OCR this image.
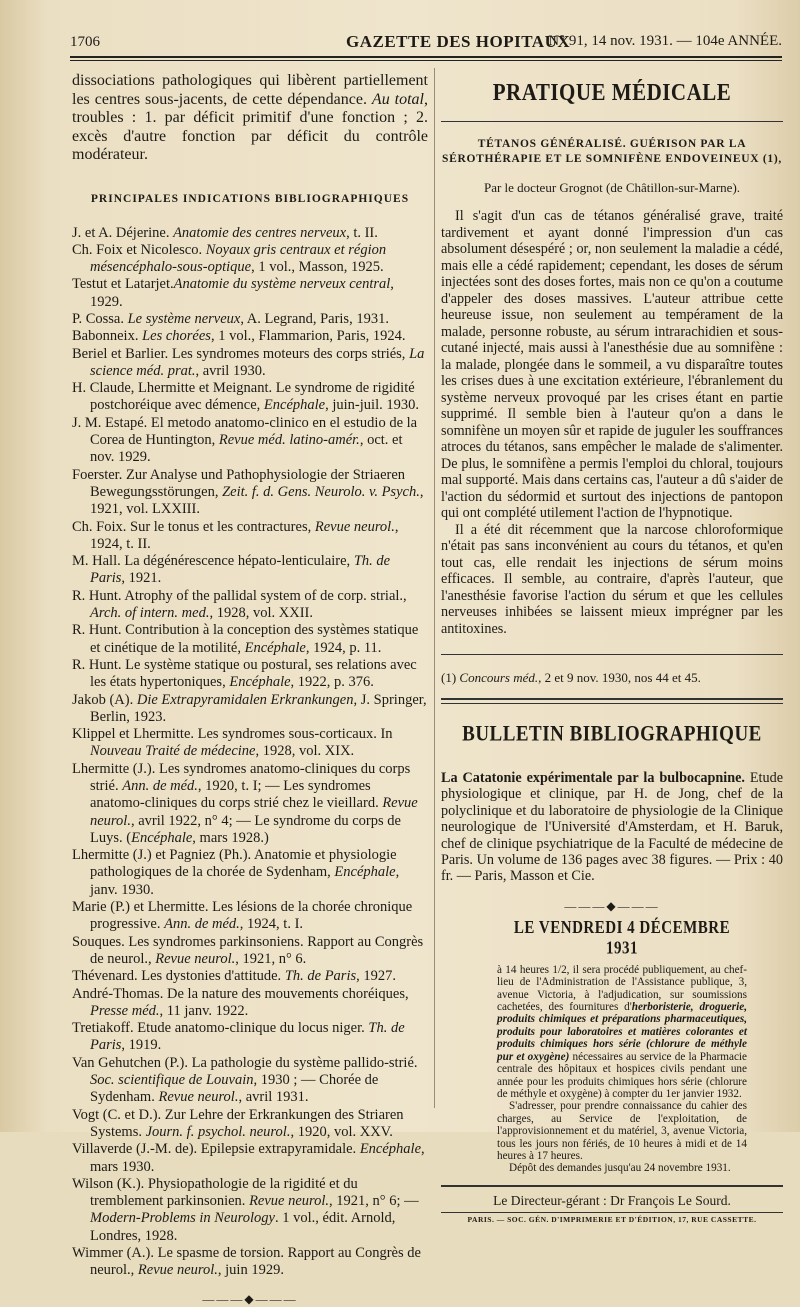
1706	GAZETTE DES HOPITAUX
N° 91, 14 nov. 1931. — 104e ANNÉE.

dissociations pathologiques qui libèrent partiellement les centres sous-jacents, de cette dépendance. Au total, troubles : 1. par déficit primitif d'une fonction ; 2. excès d'autre fonction par déficit du contrôle modérateur.

PRINCIPALES INDICATIONS BIBLIOGRAPHIQUES

J. et A. Déjerine. Anatomie des centres nerveux, t. II.
Ch. Foix et Nicolesco. Noyaux gris centraux et région mésencéphalo-sous-optique, 1 vol., Masson, 1925.
Testut et Latarjet.Anatomie du système nerveux central, 1929.
P. Cossa. Le système nerveux, A. Legrand, Paris, 1931.
Babonneix. Les chorées, 1 vol., Flammarion, Paris, 1924.
Beriel et Barlier. Les syndromes moteurs des corps striés, La science méd. prat., avril 1930.
H. Claude, Lhermitte et Meignant. Le syndrome de rigidité postchoréique avec démence, Encéphale, juin-juil. 1930.
J. M. Estapé. El metodo anatomo-clinico en el estudio de la Corea de Huntington, Revue méd. latino-amér., oct. et nov. 1929.
Foerster. Zur Analyse und Pathophysiologie der Striaeren Bewegungsstörungen, Zeit. f. d. Gens. Neurolo. v. Psych., 1921, vol. LXXIII.
Ch. Foix. Sur le tonus et les contractures, Revue neurol., 1924, t. II.
M. Hall. La dégénérescence hépato-lenticulaire, Th. de Paris, 1921.
R. Hunt. Atrophy of the pallidal system of de corp. strial., Arch. of intern. med., 1928, vol. XXII.
R. Hunt. Contribution à la conception des systèmes statique et cinétique de la motilité, Encéphale, 1924, p. 11.
R. Hunt. Le système statique ou postural, ses relations avec les états hypertoniques, Encéphale, 1922, p. 376.
Jakob (A). Die Extrapyramidalen Erkrankungen, J. Springer, Berlin, 1923.
Klippel et Lhermitte. Les syndromes sous-corticaux. In Nouveau Traité de médecine, 1928, vol. XIX.
Lhermitte (J.). Les syndromes anatomo-cliniques du corps strié. Ann. de méd., 1920, t. I; — Les syndromes anatomo-cliniques du corps strié chez le vieillard. Revue neurol., avril 1922, n° 4; — Le syndrome du corps de Luys. (Encéphale, mars 1928.)
Lhermitte (J.) et Pagniez (Ph.). Anatomie et physiologie pathologiques de la chorée de Sydenham, Encéphale, janv. 1930.
Marie (P.) et Lhermitte. Les lésions de la chorée chronique progressive. Ann. de méd., 1924, t. I.
Souques. Les syndromes parkinsoniens. Rapport au Congrès de neurol., Revue neurol., 1921, n° 6.
Thévenard. Les dystonies d'attitude. Th. de Paris, 1927.
André-Thomas. De la nature des mouvements choréiques, Presse méd., 11 janv. 1922.
Tretiakoff. Etude anatomo-clinique du locus niger. Th. de Paris, 1919.
Van Gehutchen (P.). La pathologie du système pallido-strié. Soc. scientifique de Louvain, 1930 ; — Chorée de Sydenham. Revue neurol., avril 1931.
Vogt (C. et D.). Zur Lehre der Erkrankungen des Striaren Systems. Journ. f. psychol. neurol., 1920, vol. XXV.
Villaverde (J.-M. de). Epilepsie extrapyramidale. Encéphale, mars 1930.
Wilson (K.). Physiopathologie de la rigidité et du tremblement parkinsonien. Revue neurol., 1921, n° 6; — Modern-Problems in Neurology. 1 vol., édit. Arnold, Londres, 1928.
Wimmer (A.). Le spasme de torsion. Rapport au Congrès de neurol., Revue neurol., juin 1929.

———◆———

PRATIQUE MÉDICALE

TÉTANOS GÉNÉRALISÉ. GUÉRISON PAR LA SÉROTHÉRAPIE ET LE SOMNIFÈNE ENDOVEINEUX (1),

Par le docteur Grognot (de Châtillon-sur-Marne).

Il s'agit d'un cas de tétanos généralisé grave, traité tardivement et ayant donné l'impression d'un cas absolument désespéré ; or, non seulement la maladie a cédé, mais elle a cédé rapidement; cependant, les doses de sérum injectées sont des doses fortes, mais non ce qu'on a coutume d'appeler des doses massives. L'auteur attribue cette heureuse issue, non seulement au tempérament de la malade, personne robuste, au sérum intrarachidien et sous-cutané injecté, mais aussi à l'anesthésie due au somnifène : la malade, plongée dans le sommeil, a vu disparaître toutes les crises dues à une excitation extérieure, l'ébranlement du système nerveux provoqué par les crises étant en partie supprimé. Il semble bien à l'auteur qu'on a dans le somnifène un moyen sûr et rapide de juguler les souffrances atroces du tétanos, sans empêcher le malade de s'alimenter. De plus, le somnifène a permis l'emploi du chloral, toujours mal supporté. Mais dans certains cas, l'auteur a dû s'aider de l'action du sédormid et surtout des injections de pantopon qui ont complété utilement l'action de l'hypnotique.

Il a été dit récemment que la narcose chloroformique n'était pas sans inconvénient au cours du tétanos, et qu'en tout cas, elle rendait les injections de sérum moins efficaces. Il semble, au contraire, d'après l'auteur, que l'anesthésie favorise l'action du sérum et que les cellules nerveuses inhibées se laissent mieux imprégner par les antitoxines.

(1) Concours méd., 2 et 9 nov. 1930, nos 44 et 45.

BULLETIN BIBLIOGRAPHIQUE

La Catatonie expérimentale par la bulbocapnine. Etude physiologique et clinique, par H. de Jong, chef de la polyclinique et du laboratoire de physiologie de la Clinique neurologique de l'Université d'Amsterdam, et H. Baruk, chef de clinique psychiatrique de la Faculté de médecine de Paris. Un volume de 136 pages avec 38 figures. — Prix : 40 fr. — Paris, Masson et Cie.

———◆———

LE VENDREDI 4 DÉCEMBRE 1931

à 14 heures 1/2, il sera procédé publiquement, au chef-lieu de l'Administration de l'Assistance publique, 3, avenue Victoria, à l'adjudication, sur soumissions cachetées, des fournitures d'herboristerie, droguerie, produits chimiques et préparations pharmaceutiques, produits pour laboratoires et matières colorantes et produits chimiques hors série (chlorure de méthyle pur et oxygène) nécessaires au service de la Pharmacie centrale des hôpitaux et hospices civils pendant une année pour les produits chimiques hors série (chlorure de méthyle et oxygène) à compter du 1er janvier 1932.

S'adresser, pour prendre connaissance du cahier des charges, au Service de l'exploitation, de l'approvisionnement et du matériel, 3, avenue Victoria, tous les jours non fériés, de 10 heures à midi et de 14 heures à 17 heures.

Dépôt des demandes jusqu'au 24 novembre 1931.

Le Directeur-gérant : Dr François Le Sourd.

PARIS. — SOC. GÉN. D'IMPRIMERIE ET D'ÉDITION, 17, RUE CASSETTE.
